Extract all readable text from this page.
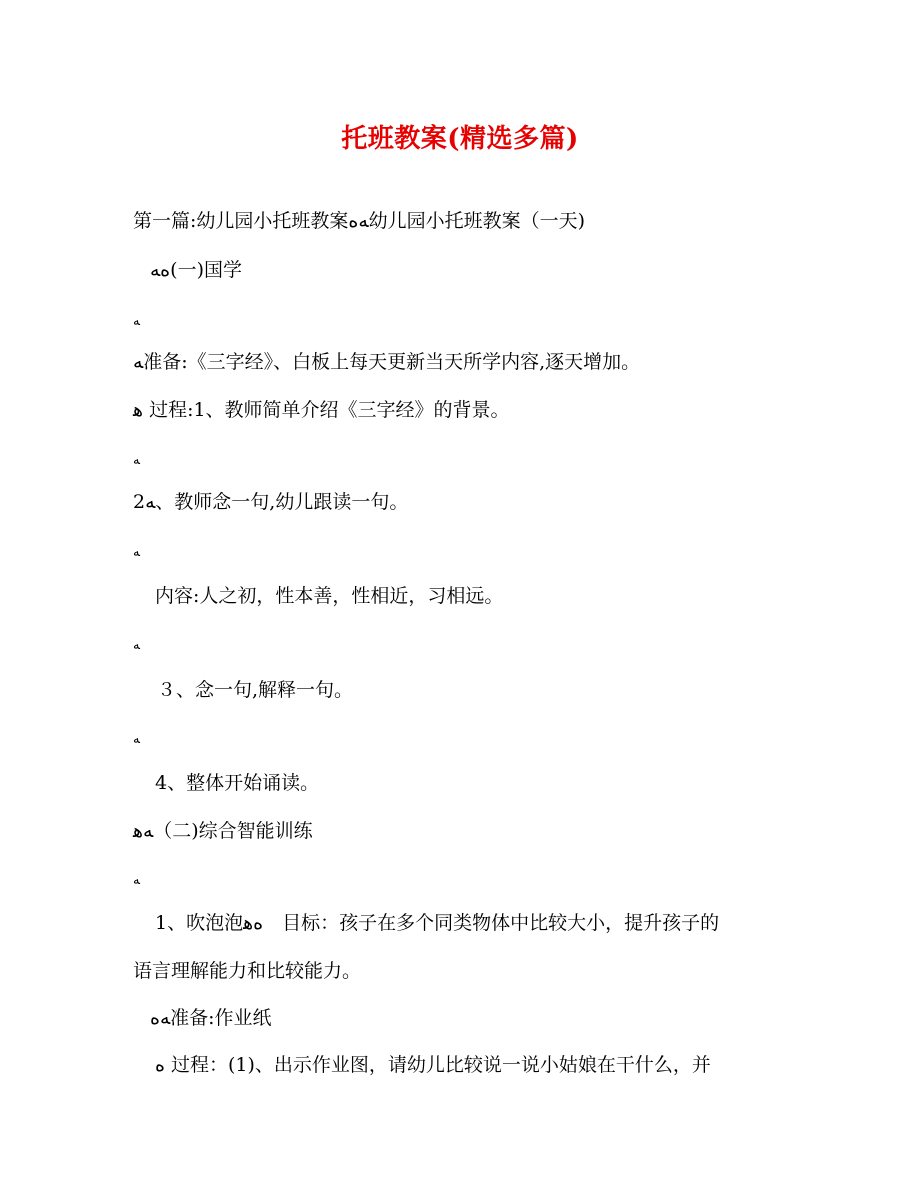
托班教案(精选多篇)
第一篇:幼儿园小托班教案ﻪﻩ幼儿园小托班教案（一天)
ﻩﻪ(一)国学
ﻪ
ﻪ准备:《三字经》、白板上每天更新当天所学内容,逐天增加。
ﻫ 过程:1、教师简单介绍《三字经》的背景。
ﻪ
2ﻪ、教师念一句,幼儿跟读一句。
ﻪ
内容:人之初，性本善，性相近，习相远。
ﻪ
３、念一句,解释一句。
ﻪ
4、整体开始诵读。
ﻪﻫ（二)综合智能训练
ﻪ
1、吹泡泡ﻩﻫ　目标：孩子在多个同类物体中比较大小，提升孩子的
语言理解能力和比较能力。
ﻪﻩ准备:作业纸
ﻩ 过程：(1)、出示作业图，请幼儿比较说一说小姑娘在干什么，并
